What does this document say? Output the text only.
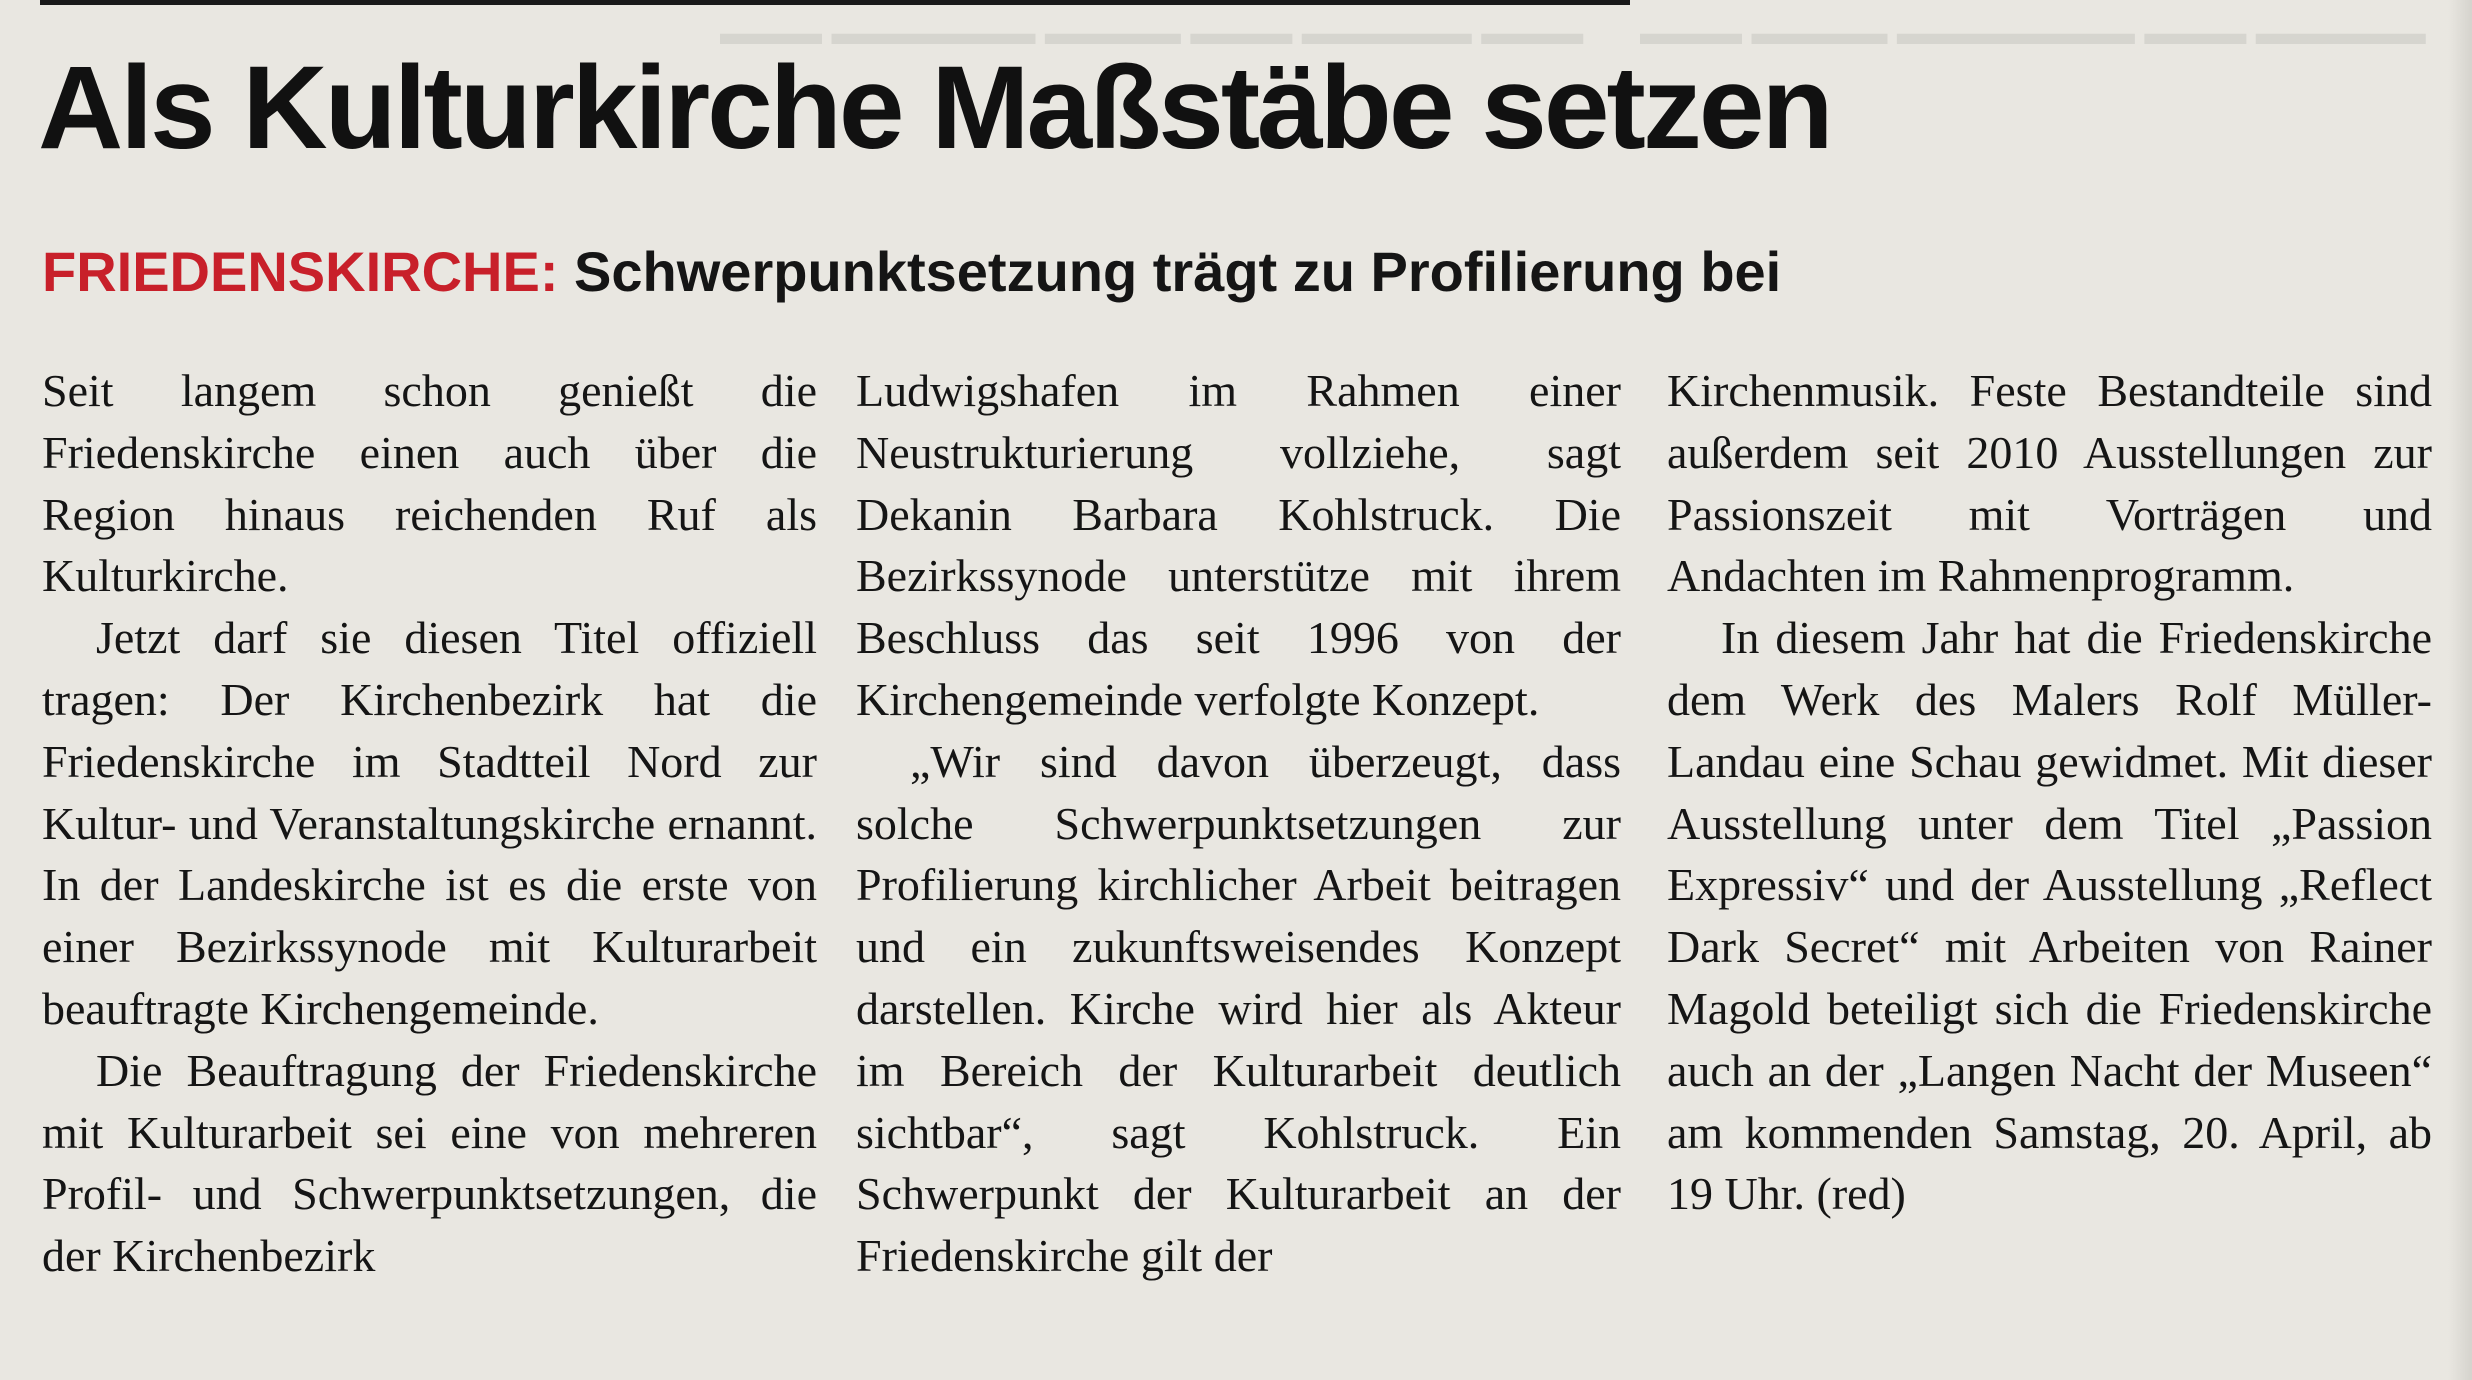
▬▬▬ ▬▬▬▬▬ ▬▬▬ ▬▬▬▬ ▬▬▬▬▬▬ ▬▬▬ ▬▬▬▬▬ ▬▬▬ ▬▬▬▬▬▬▬ ▬▬▬▬ ▬▬▬
Als Kulturkirche Maßstäbe setzen
FRIEDENSKIRCHE: Schwerpunktsetzung trägt zu Profilierung bei

Seit langem schon genießt die Friedenskirche einen auch über die Region hinaus reichenden Ruf als Kulturkirche.

Jetzt darf sie diesen Titel offiziell tragen: Der Kirchenbezirk hat die Friedenskirche im Stadtteil Nord zur Kultur- und Veranstaltungskirche ernannt. In der Landeskirche ist es die erste von einer Bezirkssynode mit Kulturarbeit beauftragte Kirchengemeinde.

Die Beauftragung der Friedenskirche mit Kulturarbeit sei eine von mehreren Profil- und Schwerpunktsetzungen, die der Kirchenbezirk

Ludwigshafen im Rahmen einer Neustrukturierung vollziehe, sagt Dekanin Barbara Kohlstruck. Die Bezirkssynode unterstütze mit ihrem Beschluss das seit 1996 von der Kirchengemeinde verfolgte Konzept.

„Wir sind davon überzeugt, dass solche Schwerpunktsetzungen zur Profilierung kirchlicher Arbeit beitragen und ein zukunftsweisendes Konzept darstellen. Kirche wird hier als Akteur im Bereich der Kulturarbeit deutlich sichtbar“, sagt Kohlstruck. Ein Schwerpunkt der Kulturarbeit an der Friedenskirche gilt der

Kirchenmusik. Feste Bestandteile sind außerdem seit 2010 Ausstellungen zur Passionszeit mit Vorträgen und Andachten im Rahmenprogramm.

In diesem Jahr hat die Friedenskirche dem Werk des Malers Rolf Müller-Landau eine Schau gewidmet. Mit dieser Ausstellung unter dem Titel „Passion Expressiv“ und der Ausstellung „Reflect Dark Secret“ mit Arbeiten von Rainer Magold beteiligt sich die Friedenskirche auch an der „Langen Nacht der Museen“ am kommenden Samstag, 20. April, ab 19 Uhr. (red)
